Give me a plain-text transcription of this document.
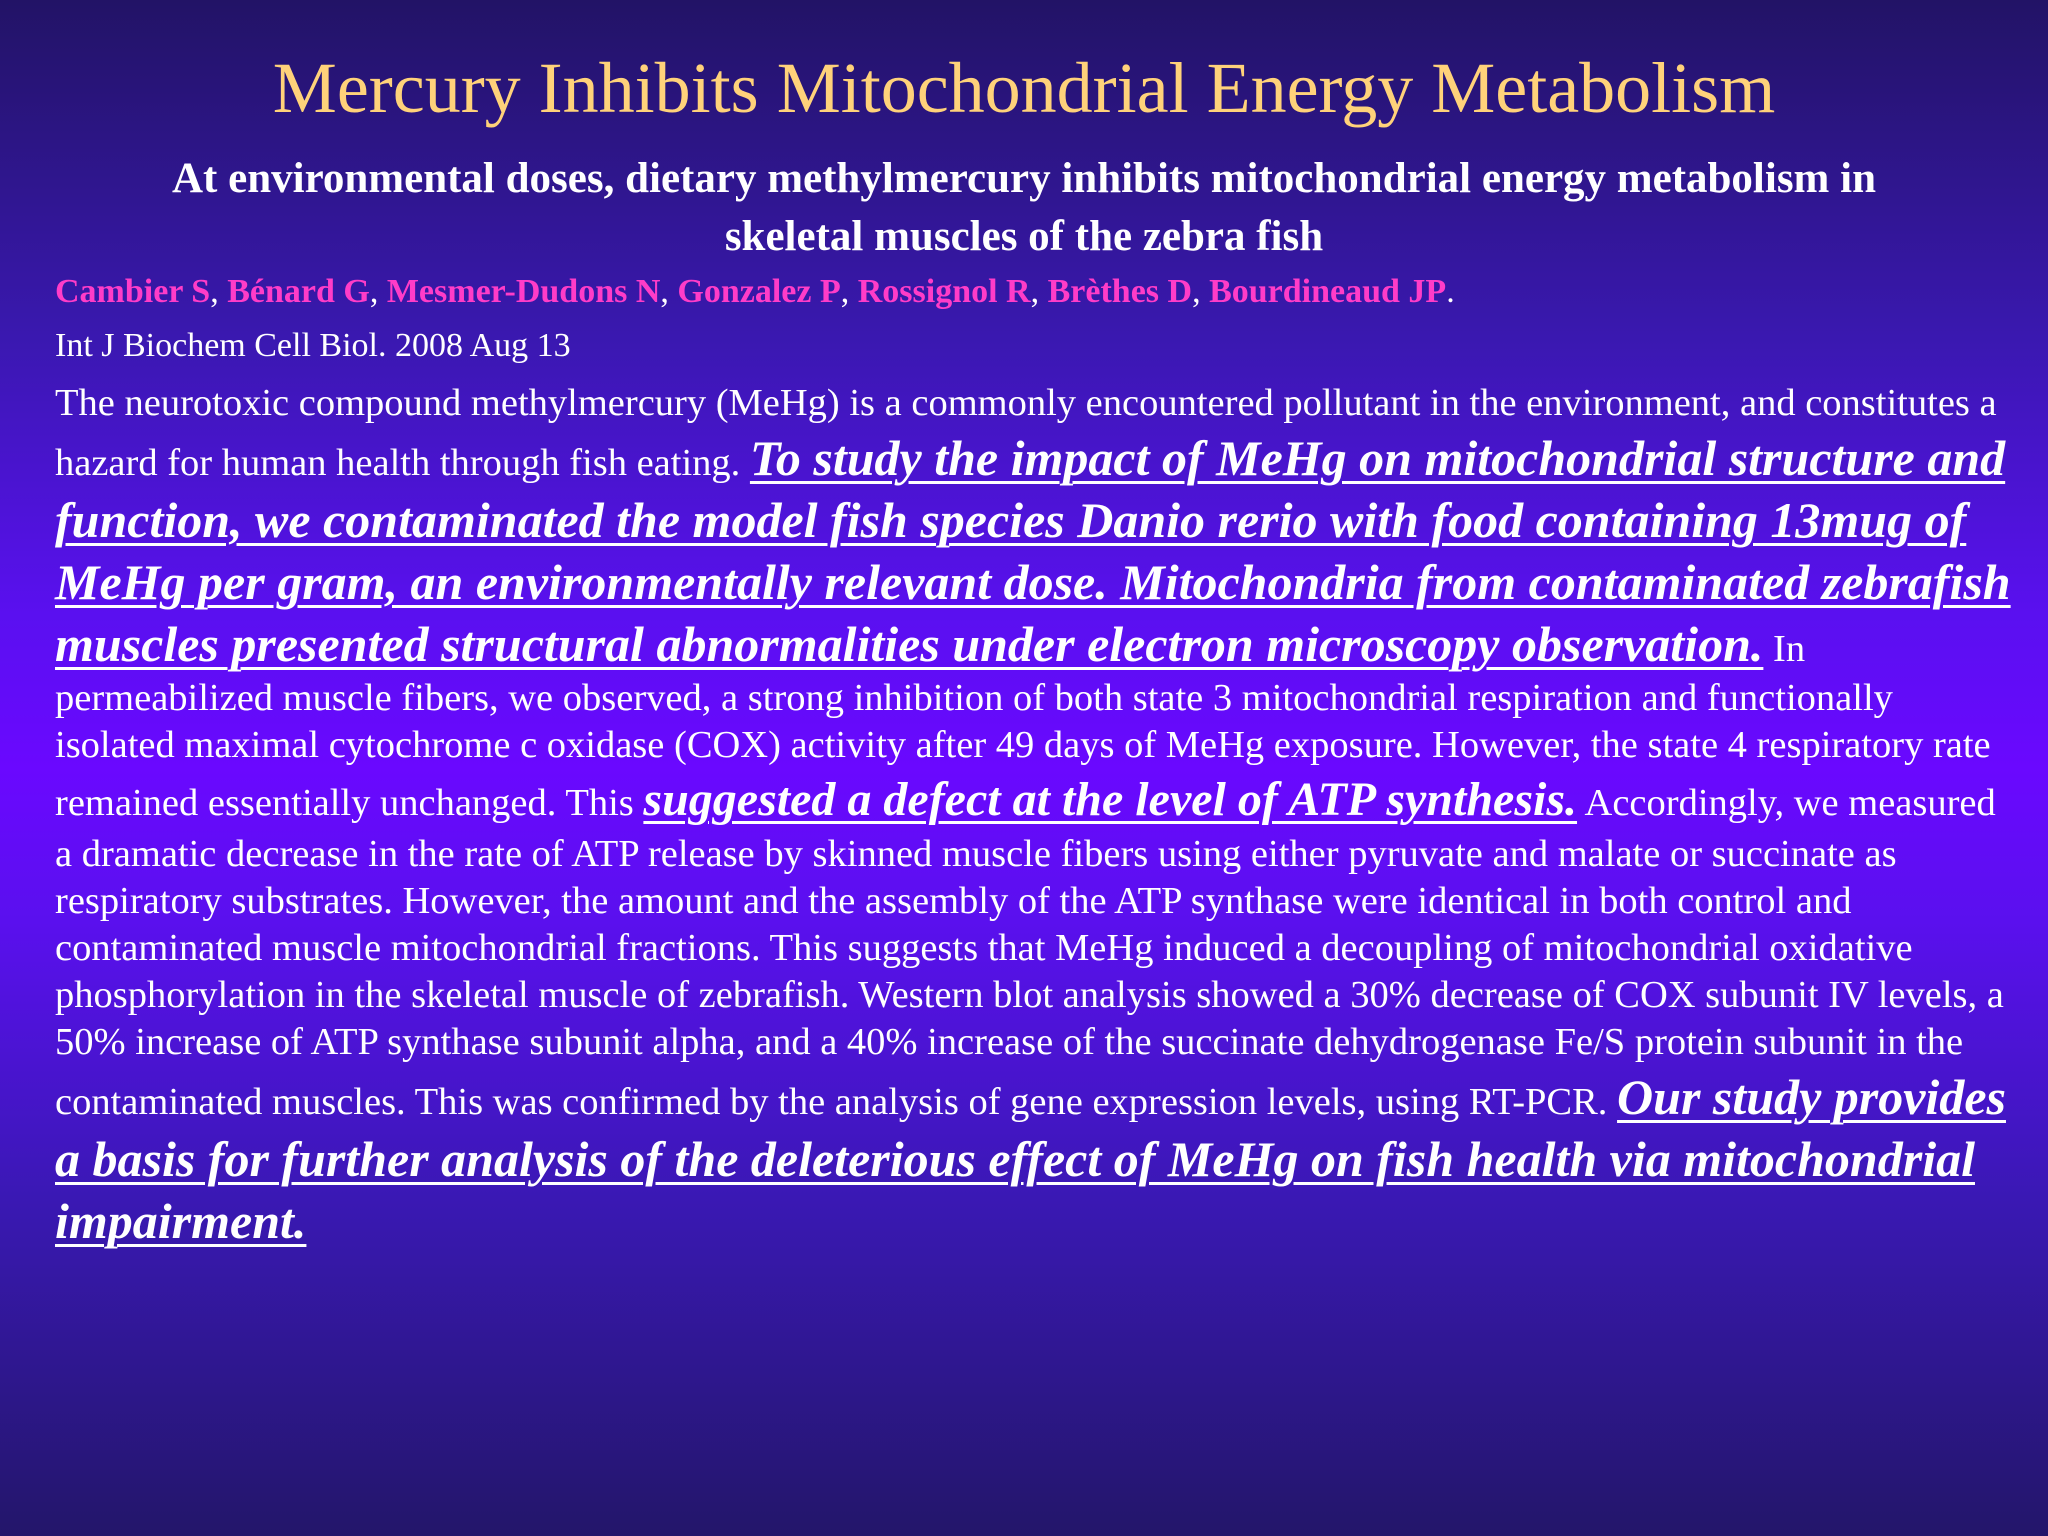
Mercury Inhibits Mitochondrial Energy Metabolism
At environmental doses, dietary methylmercury inhibits mitochondrial energy metabolism in skeletal muscles of the zebra fish
Cambier S, Bénard G, Mesmer-Dudons N, Gonzalez P, Rossignol R, Brèthes D, Bourdineaud JP.
Int J Biochem Cell Biol. 2008 Aug 13
The neurotoxic compound methylmercury (MeHg) is a commonly encountered pollutant in the environment, and constitutes a hazard for human health through fish eating. To study the impact of MeHg on mitochondrial structure and function, we contaminated the model fish species Danio rerio with food containing 13mug of MeHg per gram, an environmentally relevant dose. Mitochondria from contaminated zebrafish muscles presented structural abnormalities under electron microscopy observation. In permeabilized muscle fibers, we observed, a strong inhibition of both state 3 mitochondrial respiration and functionally isolated maximal cytochrome c oxidase (COX) activity after 49 days of MeHg exposure. However, the state 4 respiratory rate remained essentially unchanged. This suggested a defect at the level of ATP synthesis. Accordingly, we measured a dramatic decrease in the rate of ATP release by skinned muscle fibers using either pyruvate and malate or succinate as respiratory substrates. However, the amount and the assembly of the ATP synthase were identical in both control and contaminated muscle mitochondrial fractions. This suggests that MeHg induced a decoupling of mitochondrial oxidative phosphorylation in the skeletal muscle of zebrafish. Western blot analysis showed a 30% decrease of COX subunit IV levels, a 50% increase of ATP synthase subunit alpha, and a 40% increase of the succinate dehydrogenase Fe/S protein subunit in the contaminated muscles. This was confirmed by the analysis of gene expression levels, using RT-PCR. Our study provides a basis for further analysis of the deleterious effect of MeHg on fish health via mitochondrial impairment.
